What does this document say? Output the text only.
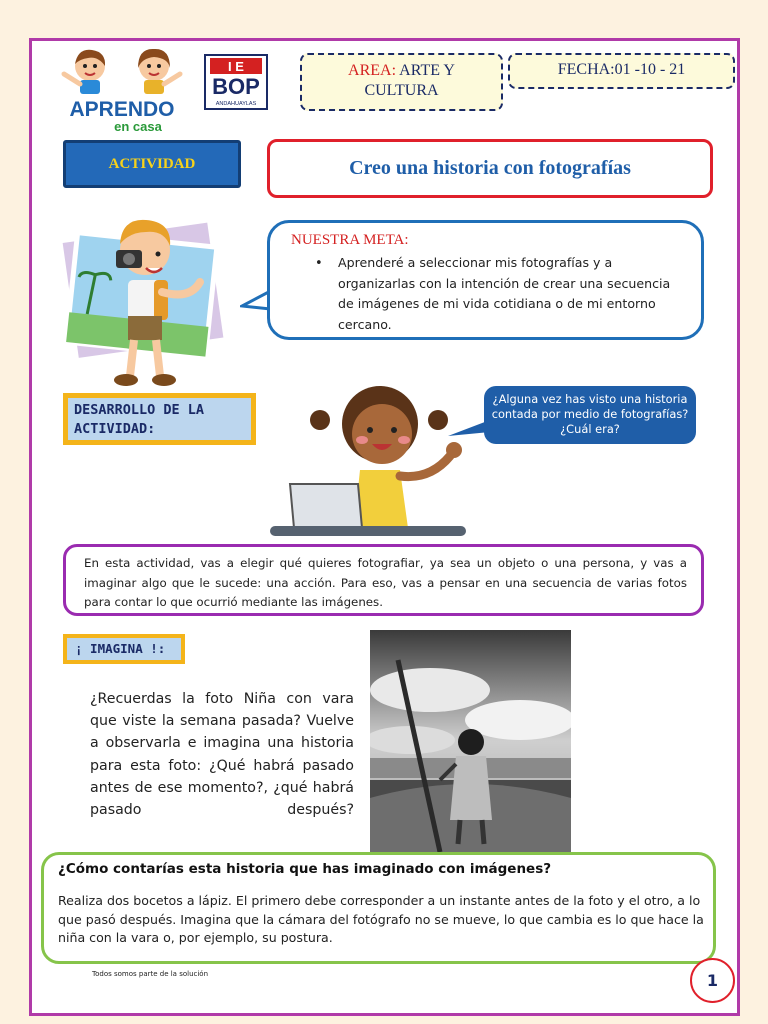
APRENDO
en casa
I E
BOP
ANDAHUAYLAS
AREA: ARTE Y
CULTURA
FECHA:01 -10 - 21
ACTIVIDAD	Creo una historia con fotografías
NUESTRA META:
• Aprenderé a seleccionar mis fotografías y a organizarlas con la intención de crear una secuencia de imágenes de mi vida cotidiana o de mi entorno cercano.
DESARROLLO DE LA ACTIVIDAD:
¿Alguna vez has visto una historia contada por medio de fotografías? ¿Cuál era?
En esta actividad, vas a elegir qué quieres fotografiar, ya sea un objeto o una persona, y vas a imaginar algo que le sucede: una acción. Para eso, vas a pensar en una secuencia de varias fotos para contar lo que ocurrió mediante las imágenes.
¡ IMAGINA !:
¿Recuerdas la foto Niña con vara que viste la semana pasada? Vuelve a observarla e imagina una historia para esta foto: ¿Qué habrá pasado antes de ese momento?, ¿qué habrá pasado después?
¿Cómo contarías esta historia que has imaginado con imágenes?
Realiza dos bocetos a lápiz. El primero debe corresponder a un instante antes de la foto y el otro, a lo que pasó después. Imagina que la cámara del fotógrafo no se mueve, lo que cambia es lo que hace la niña con la vara o, por ejemplo, su postura.
Todos somos parte de la solución	1
